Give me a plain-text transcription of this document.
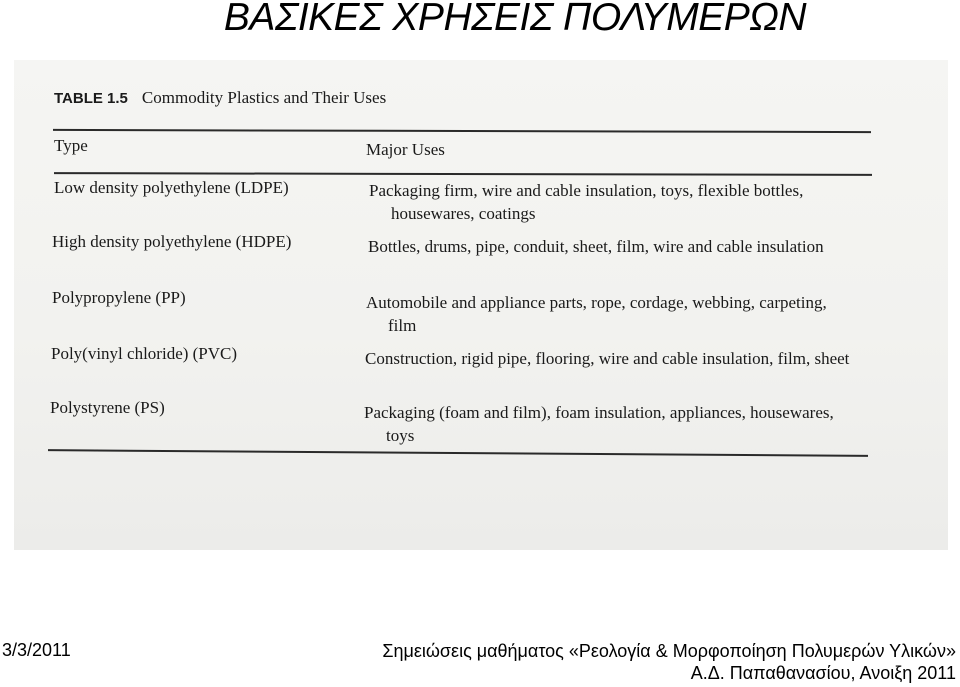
ΒΑΣΙΚΕΣ ΧΡΗΣΕΙΣ ΠΟΛΥΜΕΡΩΝ
TABLE 1.5 Commodity Plastics and Their Uses
Type	Major Uses
Low density polyethylene (LDPE)	Packaging firm, wire and cable insulation, toys, flexible bottles, housewares, coatings
High density polyethylene (HDPE)	Bottles, drums, pipe, conduit, sheet, film, wire and cable insulation
Polypropylene (PP)	Automobile and appliance parts, rope, cordage, webbing, carpeting, film
Poly(vinyl chloride) (PVC)	Construction, rigid pipe, flooring, wire and cable insulation, film, sheet
Polystyrene (PS)	Packaging (foam and film), foam insulation, appliances, housewares, toys
3/3/2011	Σημειώσεις μαθήματος «Ρεολογία & Μορφοποίηση Πολυμερών Υλικών»
Α.Δ. Παπαθανασίου, Ανοιξη 2011
